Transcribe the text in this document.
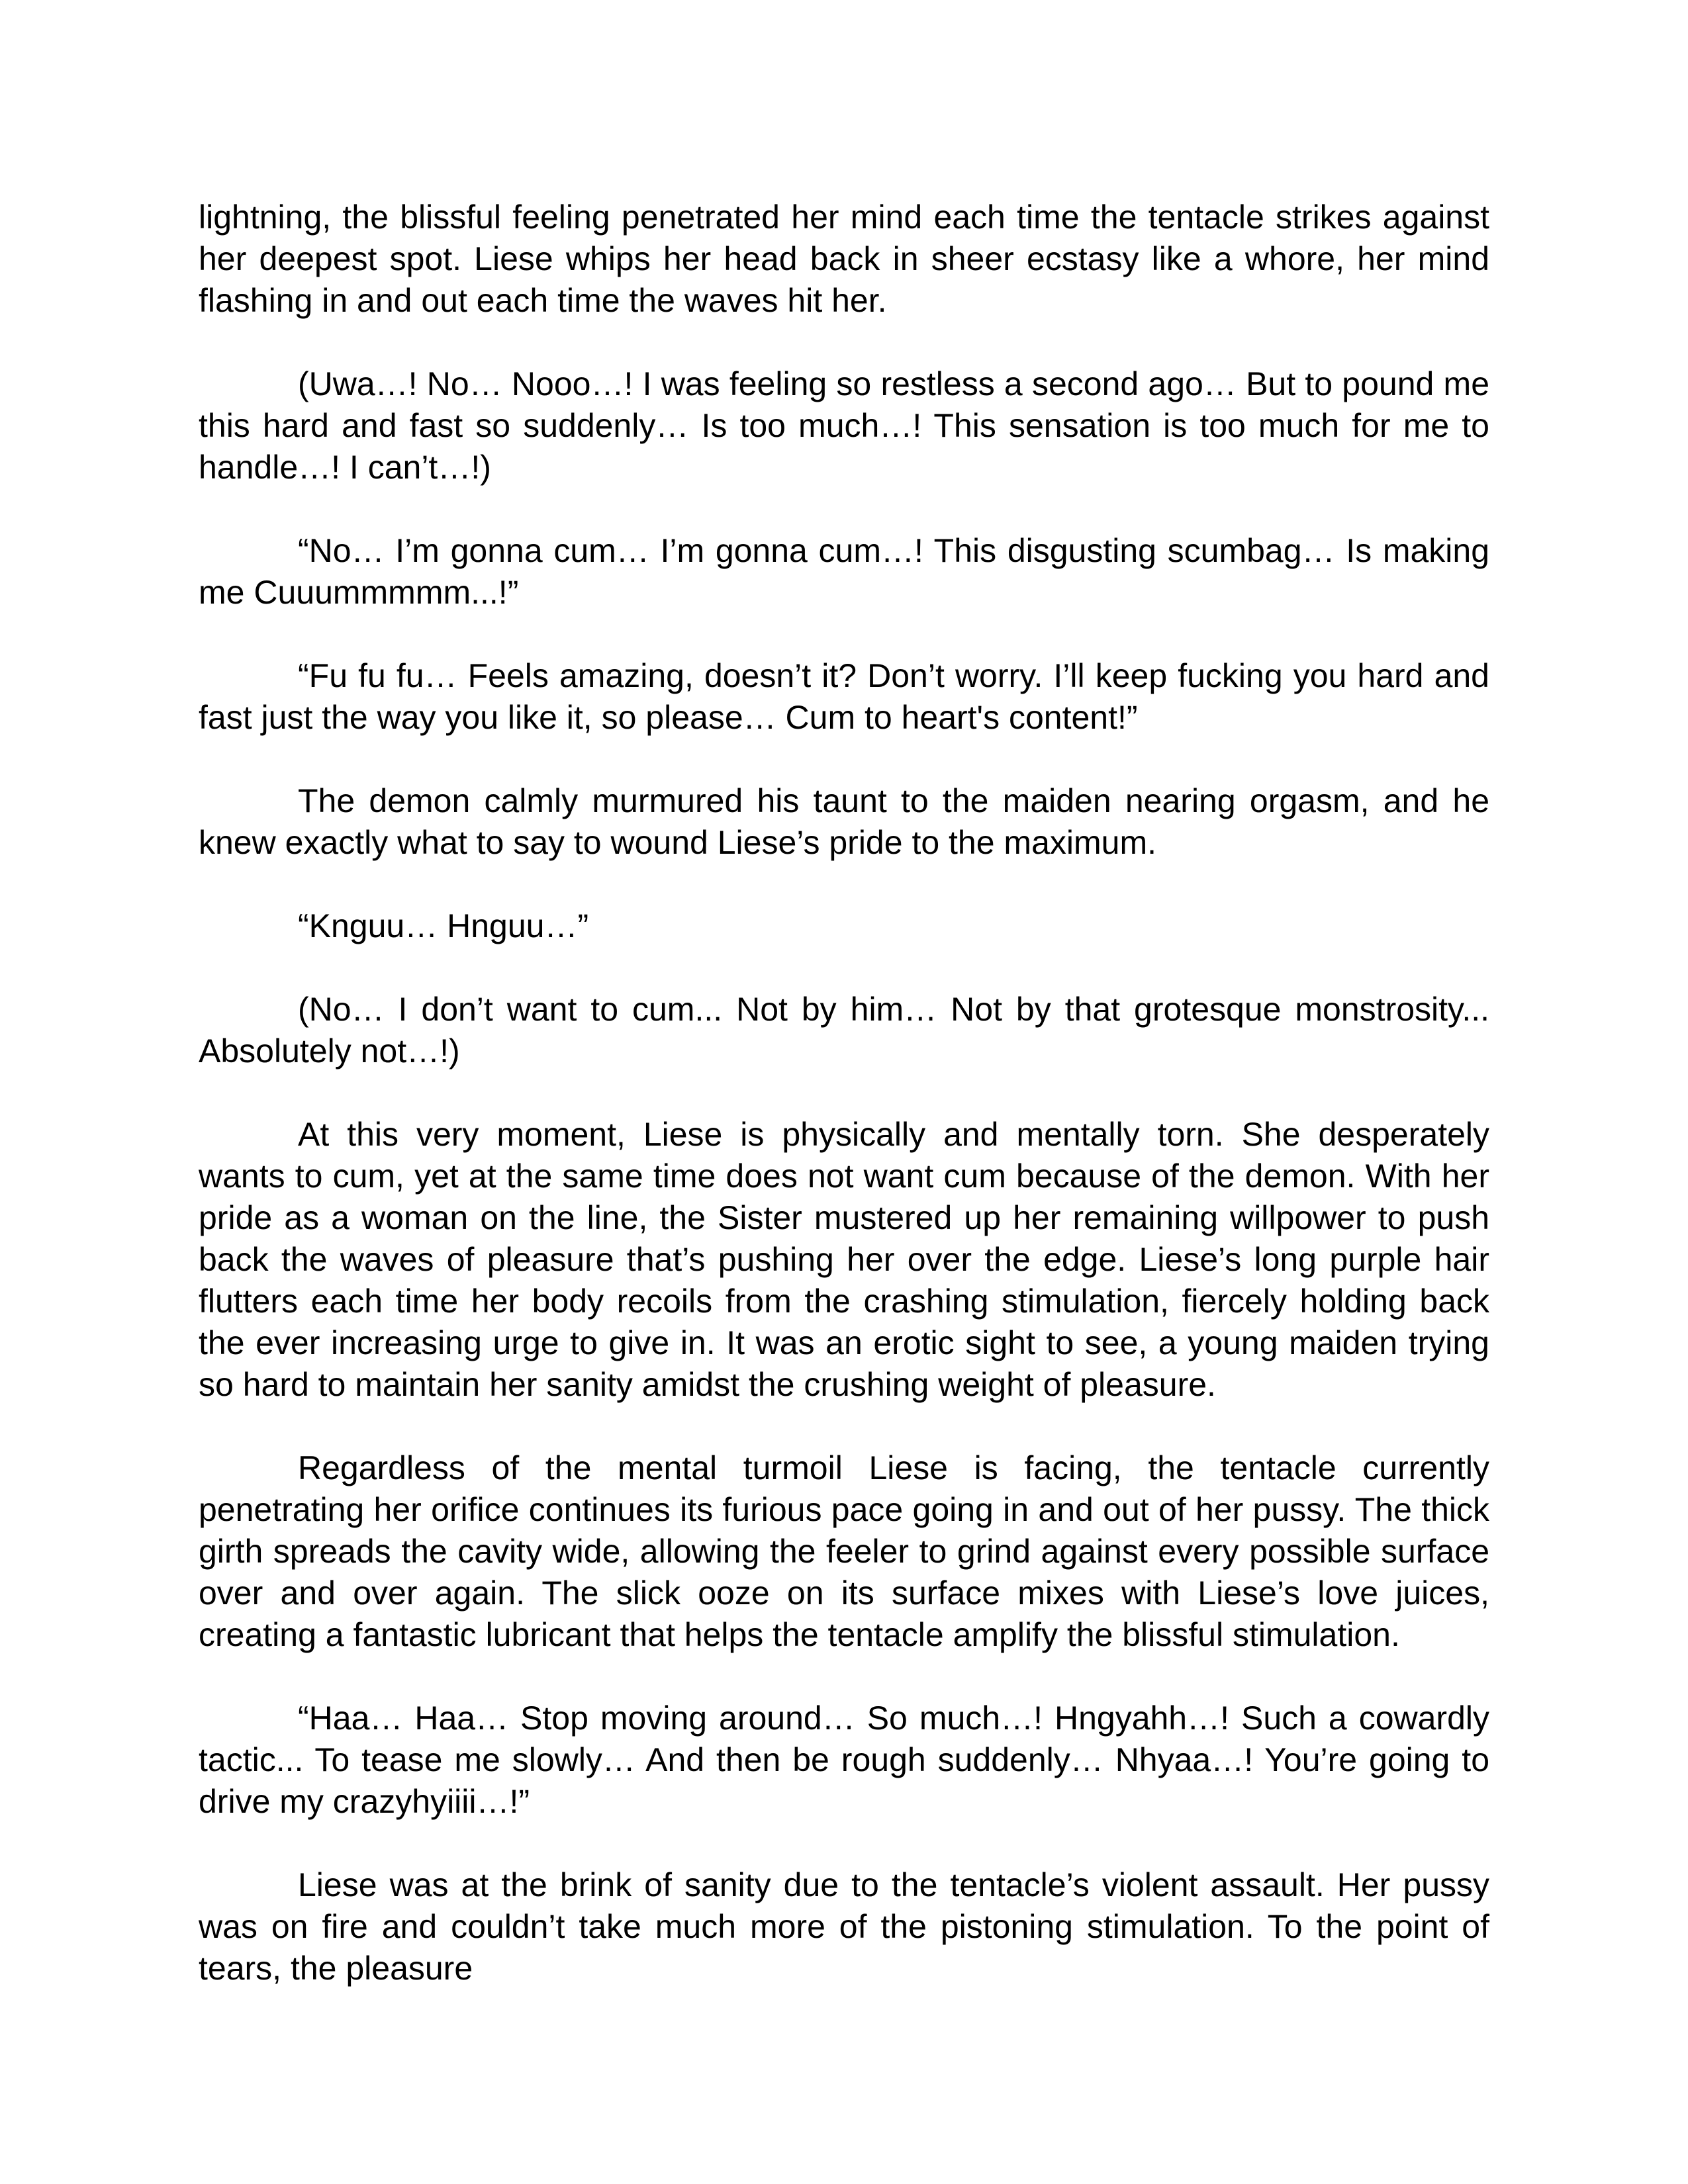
lightning, the blissful feeling penetrated her mind each time the tentacle strikes against her deepest spot. Liese whips her head back in sheer ecstasy like a whore, her mind flashing in and out each time the waves hit her.

(Uwa…! No… Nooo…! I was feeling so restless a second ago… But to pound me this hard and fast so suddenly… Is too much…! This sensation is too much for me to handle…! I can’t…!)

“No… I’m gonna cum… I’m gonna cum…! This disgusting scumbag… Is making me Cuuummmmm...!”

“Fu fu fu… Feels amazing, doesn’t it? Don’t worry. I’ll keep fucking you hard and fast just the way you like it, so please… Cum to heart's content!”

The demon calmly murmured his taunt to the maiden nearing orgasm, and he knew exactly what to say to wound Liese’s pride to the maximum.

“Knguu… Hnguu…”

(No… I don’t want to cum... Not by him… Not by that grotesque monstrosity... Absolutely not…!)

At this very moment, Liese is physically and mentally torn. She desperately wants to cum, yet at the same time does not want cum because of the demon. With her pride as a woman on the line, the Sister mustered up her remaining willpower to push back the waves of pleasure that’s pushing her over the edge. Liese’s long purple hair flutters each time her body recoils from the crashing stimulation, fiercely holding back the ever increasing urge to give in. It was an erotic sight to see, a young maiden trying so hard to maintain her sanity amidst the crushing weight of pleasure.

Regardless of the mental turmoil Liese is facing, the tentacle currently penetrating her orifice continues its furious pace going in and out of her pussy. The thick girth spreads the cavity wide, allowing the feeler to grind against every possible surface over and over again. The slick ooze on its surface mixes with Liese’s love juices, creating a fantastic lubricant that helps the tentacle amplify the blissful stimulation.

“Haa… Haa… Stop moving around… So much…! Hngyahh…! Such a cowardly tactic... To tease me slowly… And then be rough suddenly… Nhyaa…! You’re going to drive my crazyhyiiii…!”

Liese was at the brink of sanity due to the tentacle’s violent assault. Her pussy was on fire and couldn’t take much more of the pistoning stimulation. To the point of tears, the pleasure
